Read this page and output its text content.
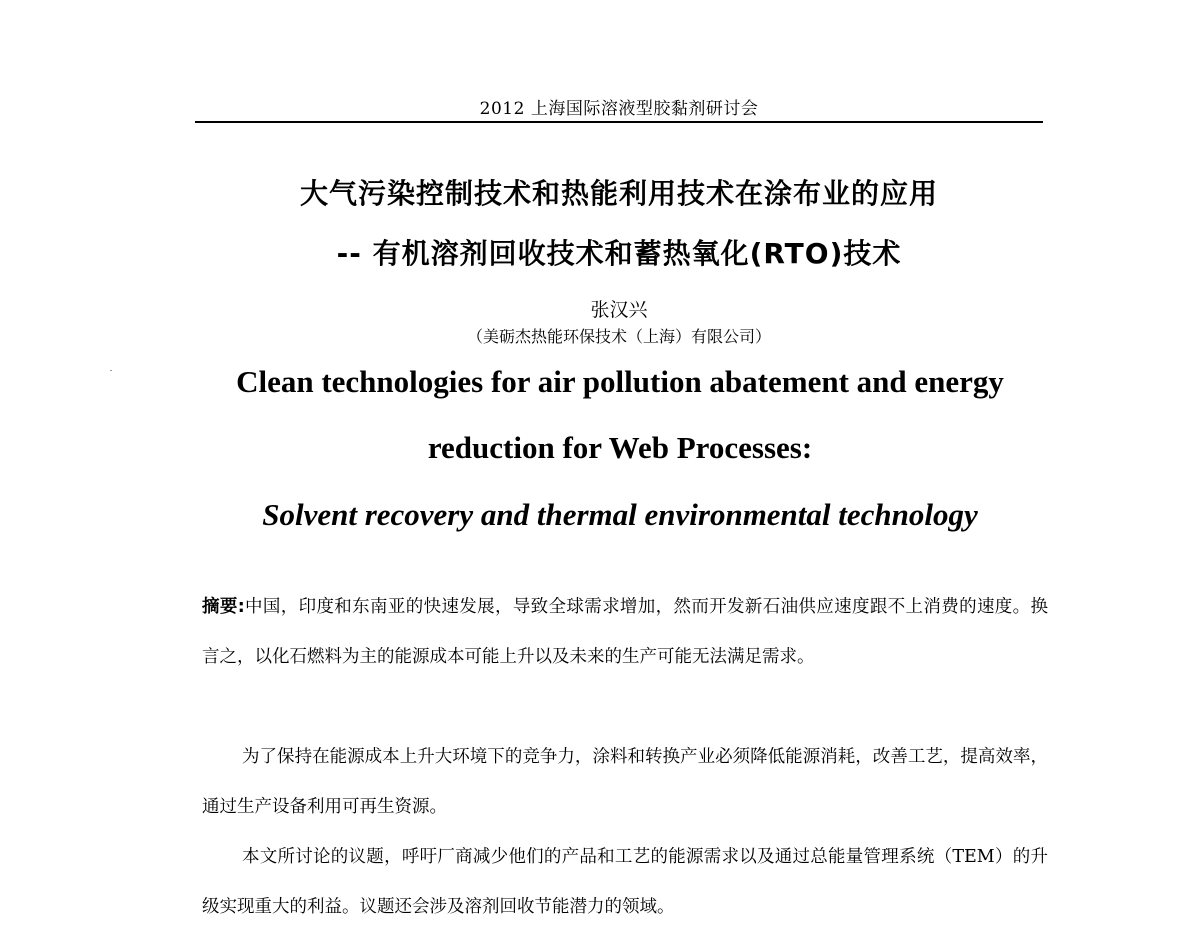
2012 上海国际溶液型胶黏剂研讨会
大气污染控制技术和热能利用技术在涂布业的应用
-- 有机溶剂回收技术和蓄热氧化(RTO)技术
张汉兴
（美砺杰热能环保技术（上海）有限公司）
Clean technologies for air pollution abatement and energy
reduction for Web Processes:
Solvent recovery and thermal environmental technology
摘要:中国，印度和东南亚的快速发展，导致全球需求增加，然而开发新石油供应速度跟不上消费的速度。换言之，以化石燃料为主的能源成本可能上升以及未来的生产可能无法满足需求。
为了保持在能源成本上升大环境下的竞争力，涂料和转换产业必须降低能源消耗，改善工艺，提高效率，通过生产设备利用可再生资源。
本文所讨论的议题，呼吁厂商减少他们的产品和工艺的能源需求以及通过总能量管理系统（TEM）的升级实现重大的利益。议题还会涉及溶剂回收节能潜力的领域。
